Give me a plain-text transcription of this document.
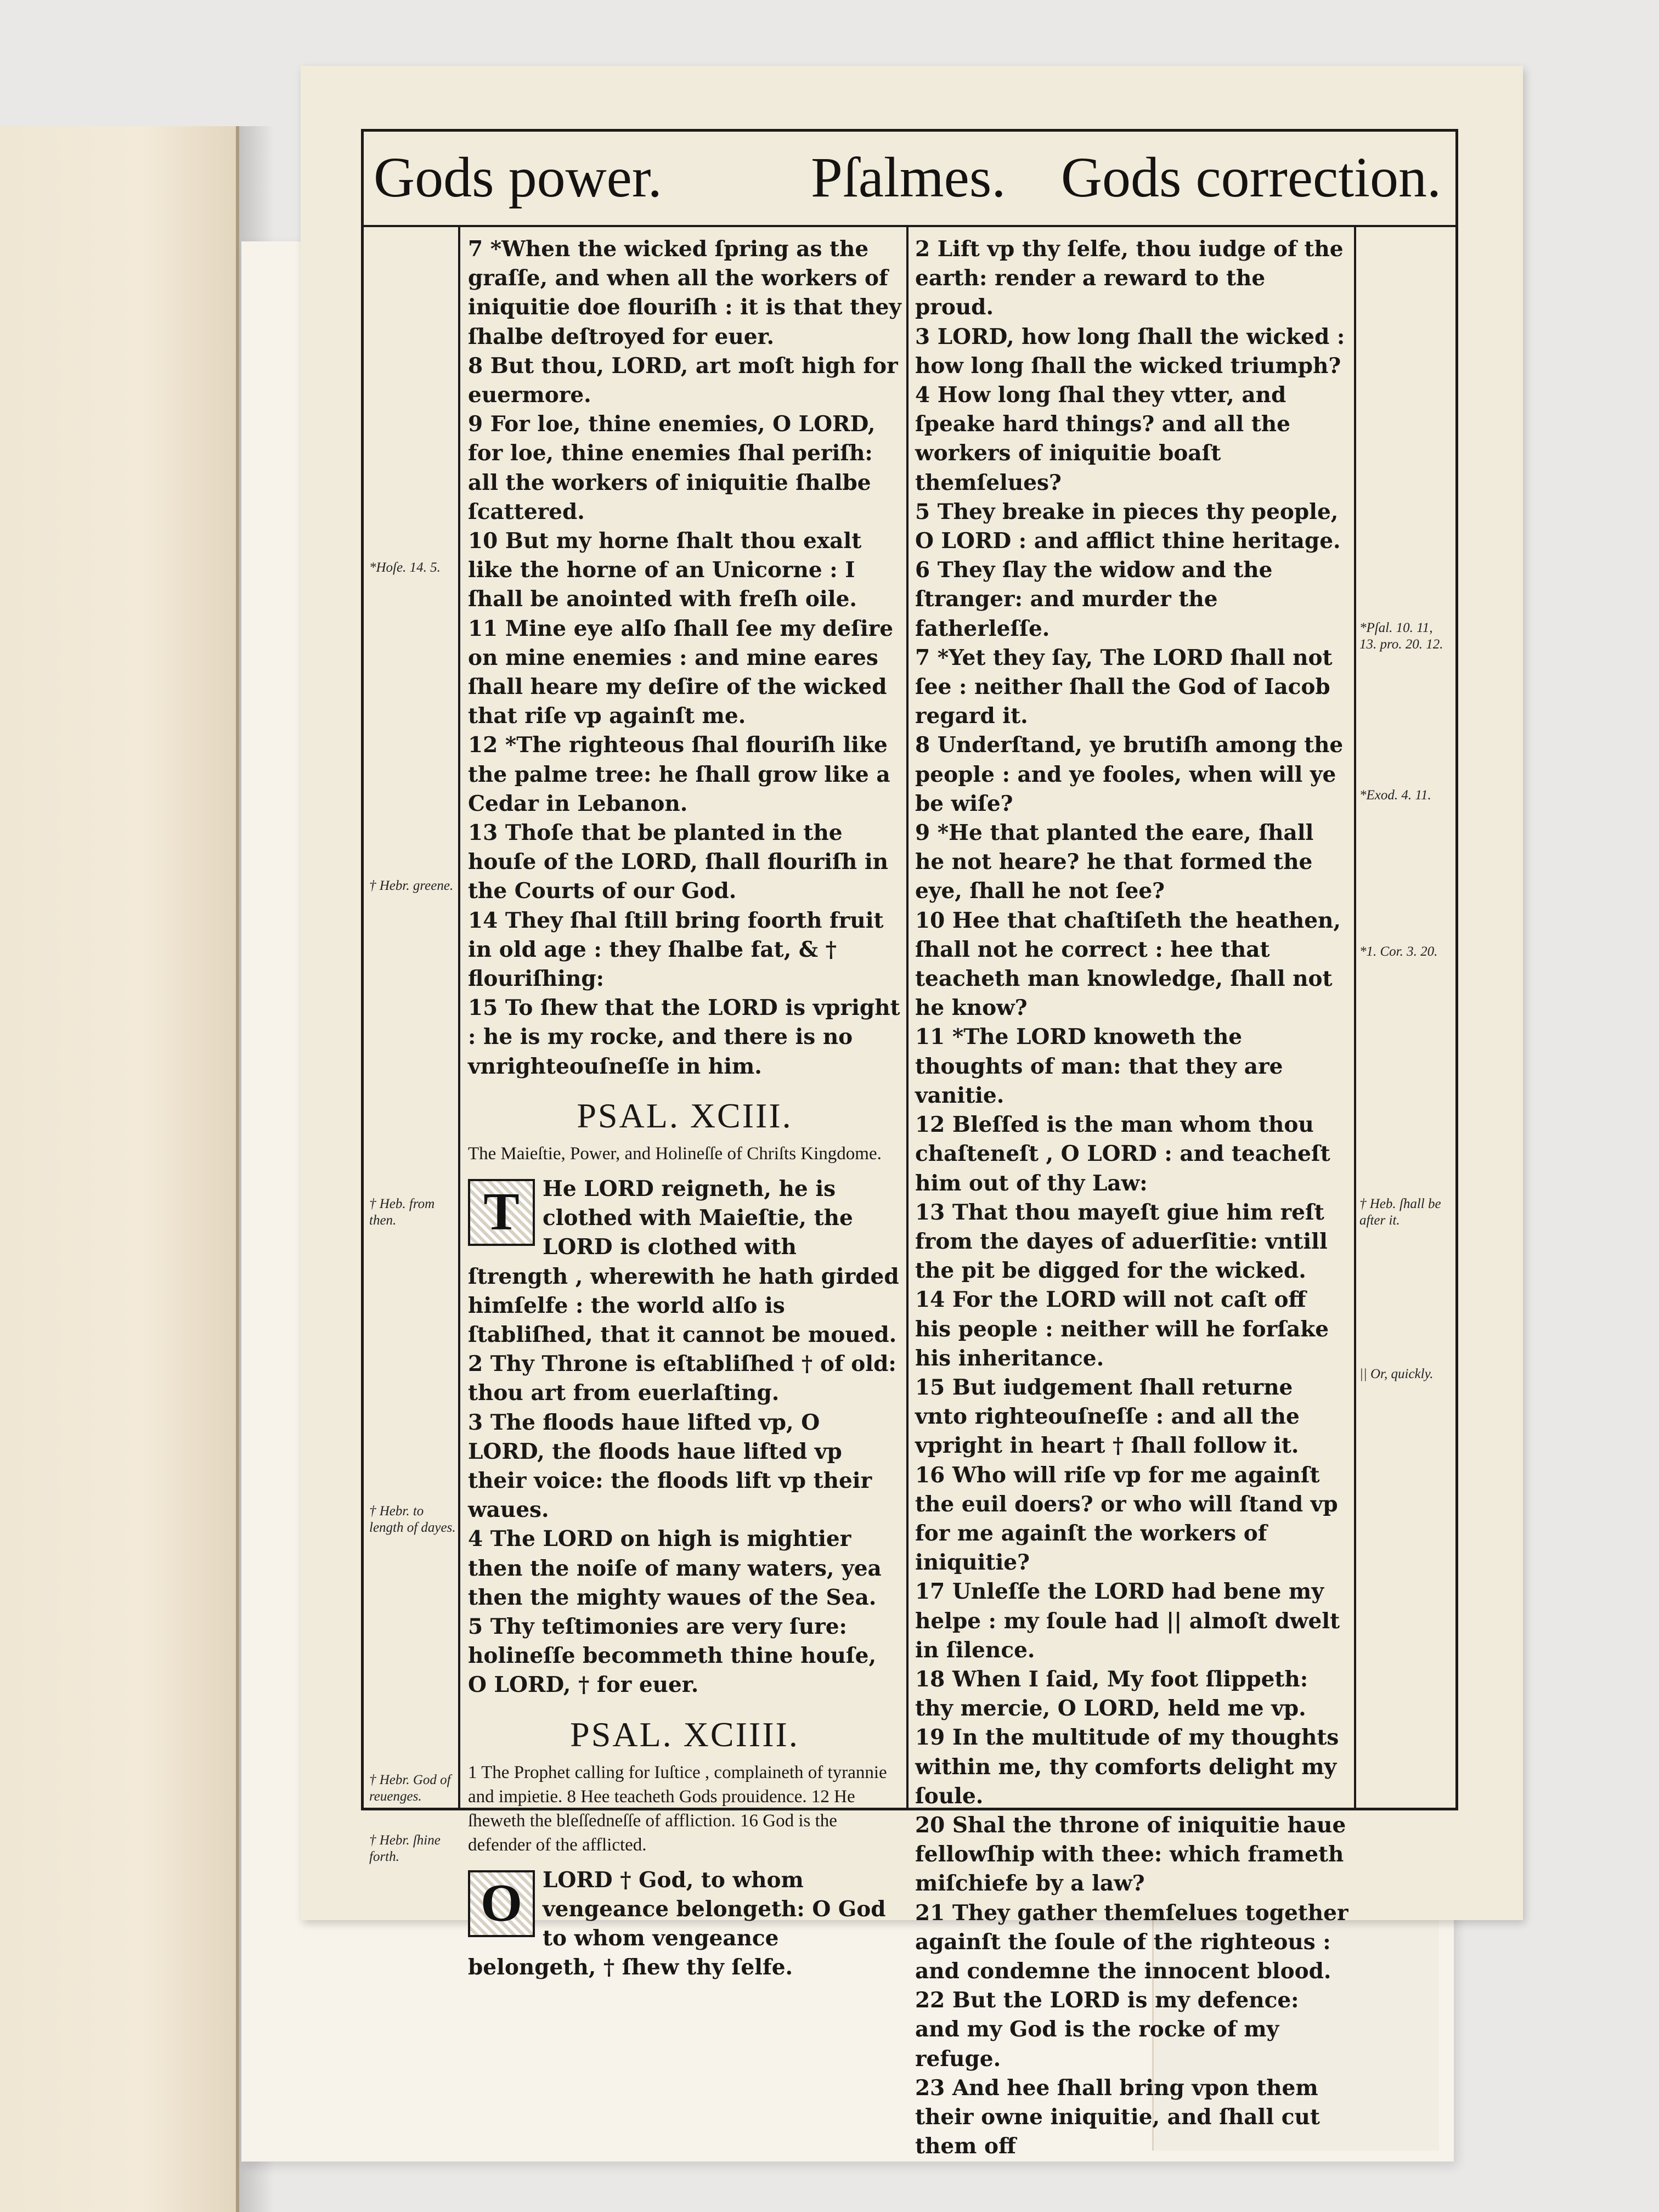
Gods power.	Pſalmes. Gods correction.
*Hoſe. 14. 5.
† Hebr. greene.
† Heb. from then.
† Hebr. to length of dayes.
† Hebr. God of reuenges.
† Hebr. ſhine forth.
*Pſal. 10. 11, 13. pro. 20. 12.
*Exod. 4. 11.
*1. Cor. 3. 20.
† Heb. ſhall be after it.
|| Or, quickly.

7 *When the wicked ſpring as the graſſe, and when all the workers of iniquitie doe flouriſh : it is that they ſhalbe deſtroyed for euer.

8 But thou, LORD, art moſt high for euermore.

9 For loe, thine enemies, O LORD, for loe, thine enemies ſhal periſh: all the workers of iniquitie ſhalbe ſcattered.

10 But my horne ſhalt thou exalt like the horne of an Unicorne : I ſhall be anointed with freſh oile.

11 Mine eye alſo ſhall ſee my deſire on mine enemies : and mine eares ſhall heare my deſire of the wicked that riſe vp againſt me.

12 *The righteous ſhal flouriſh like the palme tree: he ſhall grow like a Cedar in Lebanon.

13 Thoſe that be planted in the houſe of the LORD, ſhall flouriſh in the Courts of our God.

14 They ſhal ſtill bring foorth fruit in old age : they ſhalbe fat, & † flouriſhing:

15 To ſhew that the LORD is vpright : he is my rocke, and there is no vnrighteouſneſſe in him.

PSAL. XCIII.
The Maieſtie, Power, and Holineſſe of Chriſts Kingdome.

T	He LORD reigneth, he is clothed with Maieſtie, the LORD is clothed with ſtrength , wherewith he hath girded himſelfe : the world alſo is ſtabliſhed, that it cannot be moued.

2 Thy Throne is eſtabliſhed † of old: thou art from euerlaſting.

3 The floods haue lifted vp, O LORD, the floods haue lifted vp their voice: the floods lift vp their waues.

4 The LORD on high is mightier then the noiſe of many waters, yea then the mighty waues of the Sea.

5 Thy teſtimonies are very ſure: holineſſe becommeth thine houſe, O LORD, † for euer.

PSAL. XCIIII.
1 The Prophet calling for Iuſtice , complaineth of tyrannie and impietie. 8 Hee teacheth Gods prouidence. 12 He ſheweth the bleſſedneſſe of affliction. 16 God is the defender of the afflicted.

O LORD † God, to whom vengeance belongeth: O God to whom vengeance belongeth, † ſhew thy ſelfe.

2 Lift vp thy ſelfe, thou iudge of the earth: render a reward to the proud.

3 LORD, how long ſhall the wicked : how long ſhall the wicked triumph?

4 How long ſhal they vtter, and ſpeake hard things? and all the workers of iniquitie boaſt themſelues?

5 They breake in pieces thy people, O LORD : and afflict thine heritage.

6 They ſlay the widow and the ſtranger: and murder the fatherleſſe.

7 *Yet they ſay, The LORD ſhall not ſee : neither ſhall the God of Iacob regard it.

8 Underſtand, ye brutiſh among the people : and ye fooles, when will ye be wiſe?

9 *He that planted the eare, ſhall he not heare? he that formed the eye, ſhall he not ſee?

10 Hee that chaſtiſeth the heathen, ſhall not he correct : hee that teacheth man knowledge, ſhall not he know?

11 *The LORD knoweth the thoughts of man: that they are vanitie.

12 Bleſſed is the man whom thou chaſteneſt , O LORD : and teacheſt him out of thy Law:

13 That thou mayeſt giue him reſt from the dayes of aduerſitie: vntill the pit be digged for the wicked.

14 For the LORD will not caſt off his people : neither will he forſake his inheritance.

15 But iudgement ſhall returne vnto righteouſneſſe : and all the vpright in heart † ſhall follow it.

16 Who will riſe vp for me againſt the euil doers? or who will ſtand vp for me againſt the workers of iniquitie?

17 Unleſſe the LORD had bene my helpe : my ſoule had || almoſt dwelt in ſilence.

18 When I ſaid, My foot ſlippeth: thy mercie, O LORD, held me vp.

19 In the multitude of my thoughts within me, thy comforts delight my ſoule.

20 Shal the throne of iniquitie haue fellowſhip with thee: which frameth miſchiefe by a law?

21 They gather themſelues together againſt the ſoule of the righteous : and condemne the innocent blood.

22 But the LORD is my defence: and my God is the rocke of my refuge.

23 And hee ſhall bring vpon them their owne iniquitie, and ſhall cut them off
